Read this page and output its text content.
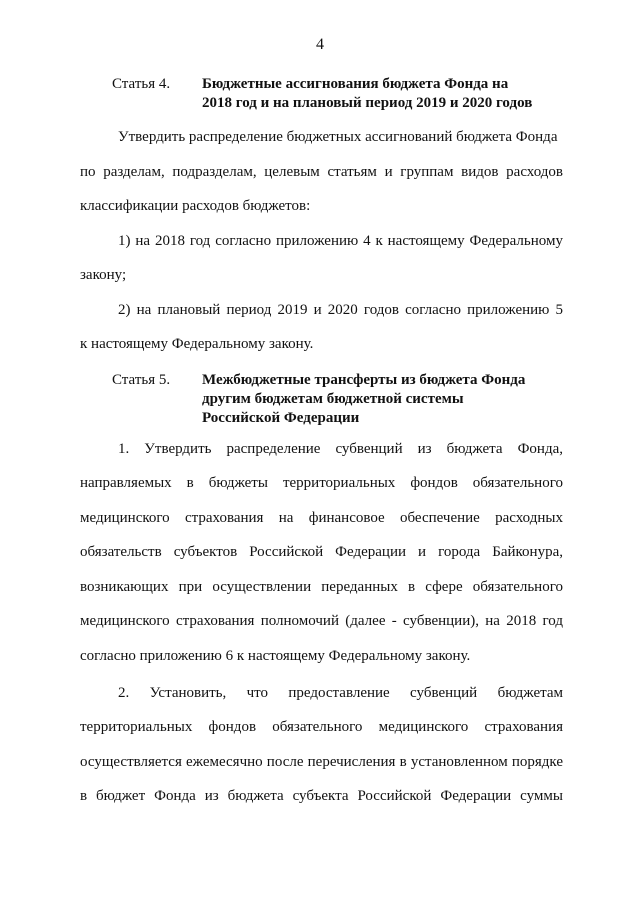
4
Статья 4. Бюджетные ассигнования бюджета Фонда на
2018 год и на плановый период 2019 и 2020 годов
Утвердить распределение бюджетных ассигнований бюджета Фонда
по разделам, подразделам, целевым статьям и группам видов расходов
классификации расходов бюджетов:
1) на 2018 год согласно приложению 4 к настоящему Федеральному
закону;
2) на плановый период 2019 и 2020 годов согласно приложению 5
к настоящему Федеральному закону.
Статья 5. Межбюджетные трансферты из бюджета Фонда
другим бюджетам бюджетной системы
Российской Федерации
1. Утвердить распределение субвенций из бюджета Фонда,
направляемых в бюджеты территориальных фондов обязательного
медицинского страхования на финансовое обеспечение расходных
обязательств субъектов Российской Федерации и города Байконура,
возникающих при осуществлении переданных в сфере обязательного
медицинского страхования полномочий (далее - субвенции), на 2018 год
согласно приложению 6 к настоящему Федеральному закону.
2. Установить, что предоставление субвенций бюджетам
территориальных фондов обязательного медицинского страхования
осуществляется ежемесячно после перечисления в установленном порядке
в бюджет Фонда из бюджета субъекта Российской Федерации суммы
